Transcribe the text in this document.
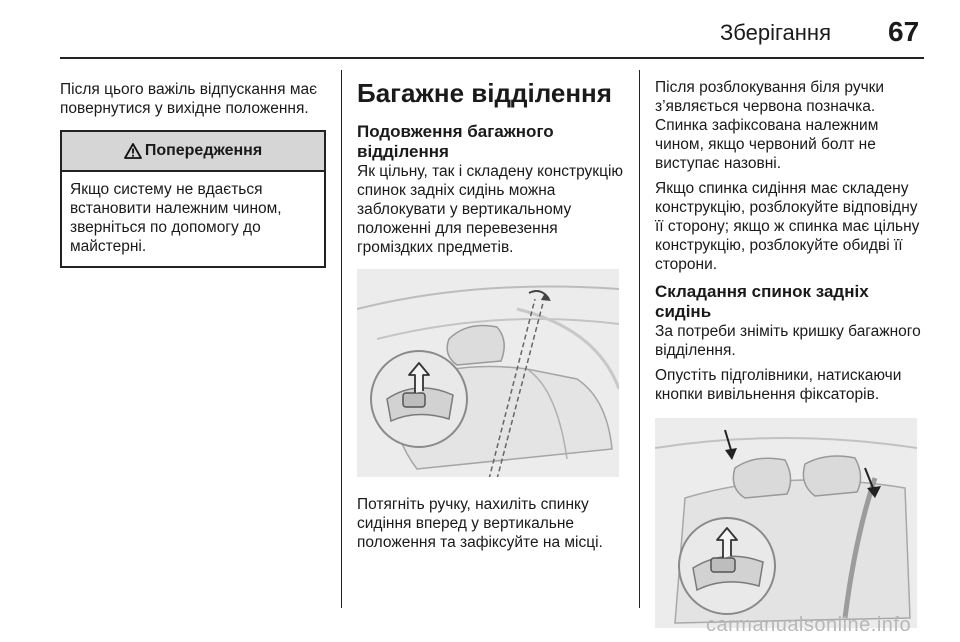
Зберігання 67

Після цього важіль відпускання має повернутися у вихідне положення.

Попередження

Якщо систему не вдається встановити належним чином, зверніться по допомогу до майстерні.

Багажне відділення
Подовження багажного відділення

Як цільну, так і складену конструкцію спинок задніх сидінь можна заблокувати у вертикальному положенні для перевезення громіздких предметів.

Потягніть ручку, нахиліть спинку сидіння вперед у вертикальне положення та зафіксуйте на місці.

Після розблокування біля ручки з’являється червона позначка. Спинка зафіксована належним чином, якщо червоний болт не виступає назовні.

Якщо спинка сидіння має складену конструкцію, розблокуйте відповідну її сторону; якщо ж спинка має цільну конструкцію, розблокуйте обидві її сторони.

Складання спинок задніх сидінь

За потреби зніміть кришку багажного відділення.

Опустіть підголівники, натискаючи кнопки вивільнення фіксаторів.

carmanualsonline.info
